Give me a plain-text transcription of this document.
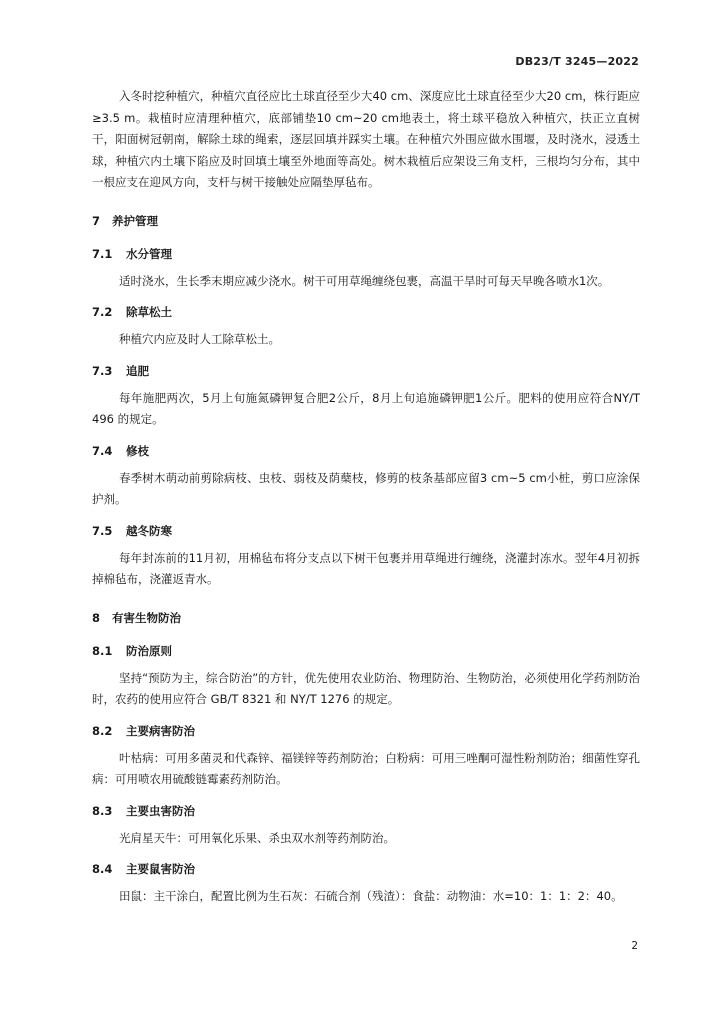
DB23/T 3245—2022

入冬时挖种植穴，种植穴直径应比土球直径至少大40 cm、深度应比土球直径至少大20 cm，株行距应≥3.5 m。栽植时应清理种植穴，底部铺垫10 cm~20 cm地表土，将土球平稳放入种植穴，扶正立直树干，阳面树冠朝南，解除土球的绳索，逐层回填并踩实土壤。在种植穴外围应做水围堰，及时浇水，浸透土球，种植穴内土壤下陷应及时回填土壤至外地面等高处。树木栽植后应架设三角支杆，三根均匀分布，其中一根应支在迎风方向，支杆与树干接触处应隔垫厚毡布。

7 养护管理
7.1 水分管理

适时浇水，生长季末期应减少浇水。树干可用草绳缠绕包裹，高温干旱时可每天早晚各喷水1次。

7.2 除草松土

种植穴内应及时人工除草松土。

7.3 追肥

每年施肥两次，5月上旬施氮磷钾复合肥2公斤，8月上旬追施磷钾肥1公斤。肥料的使用应符合NY/T 496 的规定。

7.4 修枝

春季树木萌动前剪除病枝、虫枝、弱枝及荫蘖枝，修剪的枝条基部应留3 cm~5 cm小桩，剪口应涂保护剂。

7.5 越冬防寒

每年封冻前的11月初，用棉毡布将分支点以下树干包裹并用草绳进行缠绕，浇灌封冻水。翌年4月初拆掉棉毡布，浇灌返青水。

8 有害生物防治
8.1 防治原则

坚持“预防为主，综合防治”的方针，优先使用农业防治、物理防治、生物防治，必须使用化学药剂防治时，农药的使用应符合 GB/T 8321 和 NY/T 1276 的规定。

8.2 主要病害防治

叶枯病：可用多菌灵和代森锌、福镁锌等药剂防治；白粉病：可用三唑酮可湿性粉剂防治；细菌性穿孔病：可用喷农用硫酸链霉素药剂防治。

8.3 主要虫害防治

光肩星天牛：可用氧化乐果、杀虫双水剂等药剂防治。

8.4 主要鼠害防治

田鼠：主干涂白，配置比例为生石灰：石硫合剂（残渣）：食盐：动物油：水=10：1：1：2：40。

2
